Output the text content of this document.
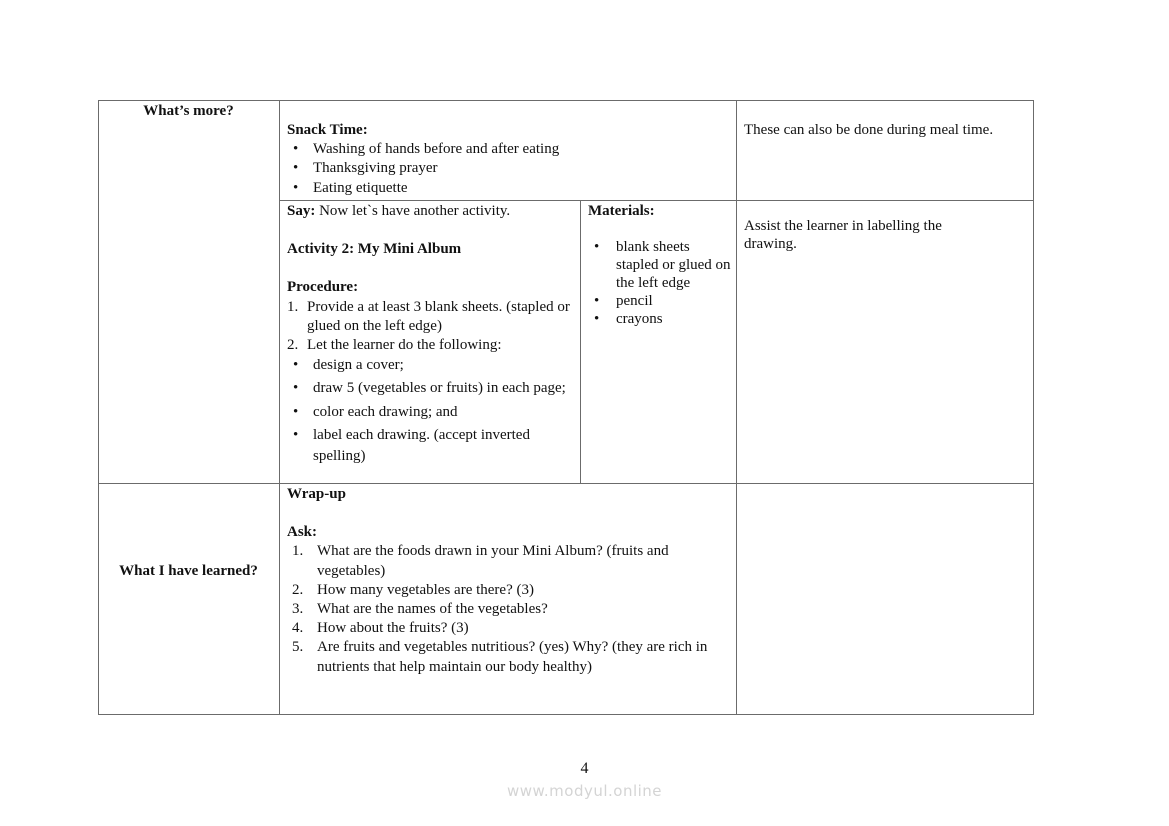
What’s more?
Snack Time:
• Washing of hands before and after eating
• Thanksgiving prayer
• Eating etiquette
These can also be done during meal time.
Say: Now let`s have another activity.
Activity 2: My Mini Album
Procedure:
1. Provide a at least 3 blank sheets. (stapled or glued on the left edge)
2. Let the learner do the following:
• design a cover;
• draw 5 (vegetables or fruits) in each page;
• color each drawing; and
• label each drawing. (accept inverted spelling)
Materials:
• blank sheets stapled or glued on the left edge
• pencil
• crayons
Assist the learner in labelling the drawing.
What I have learned?
Wrap-up
Ask:
1. What are the foods drawn in your Mini Album? (fruits and vegetables)
2. How many vegetables are there? (3)
3. What are the names of the vegetables?
4. How about the fruits? (3)
5. Are fruits and vegetables nutritious? (yes) Why? (they are rich in nutrients that help maintain our body healthy)
4
www.modyul.online
